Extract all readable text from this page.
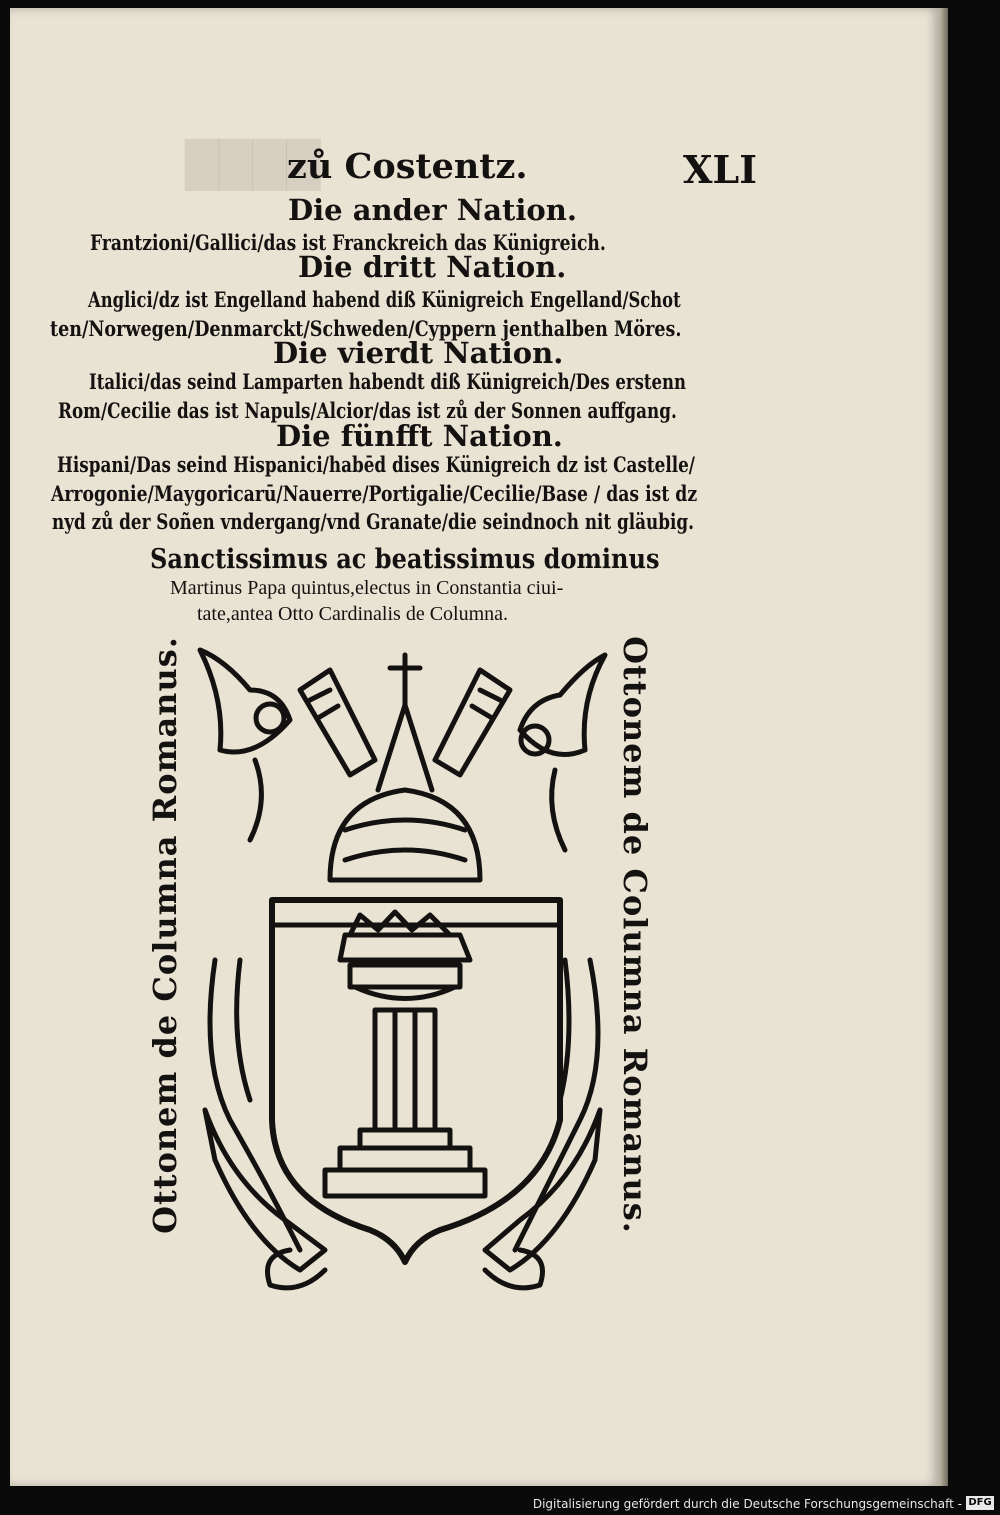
████
zů Costentz.	XLI
Die ander Nation.
Frantzioni/Gallici/das ist Franckreich das Künigreich.
Die dritt Nation.
Anglici/dz ist Engelland habend diß Künigreich Engelland/Schot
ten/Norwegen/Denmarckt/Schweden/Cyppern jenthalben Möres.
Die vierdt Nation.
Italici/das seind Lamparten habendt diß Künigreich/Des erstenn
Rom/Cecilie das ist Napuls/Alcior/das ist zů der Sonnen auffgang.
Die fünfft Nation.
Hispani/Das seind Hispanici/habēd dises Künigreich dz ist Castelle/
Arrogonie/Maygoricarū/Nauerre/Portigalie/Cecilie/Base / das ist dz
nyd zů der Soñen vndergang/vnd Granate/die seindnoch nit gläubig.
Sanctissimus ac beatissimus dominus
Martinus Papa quintus,electus in Constantia ciui-
tate,antea Otto Cardinalis de Columna.
Ottonem de Columna Romanus.	Ottonem de Columna Romanus.
Digitalisierung gefördert durch die Deutsche Forschungsgemeinschaft - DFG
